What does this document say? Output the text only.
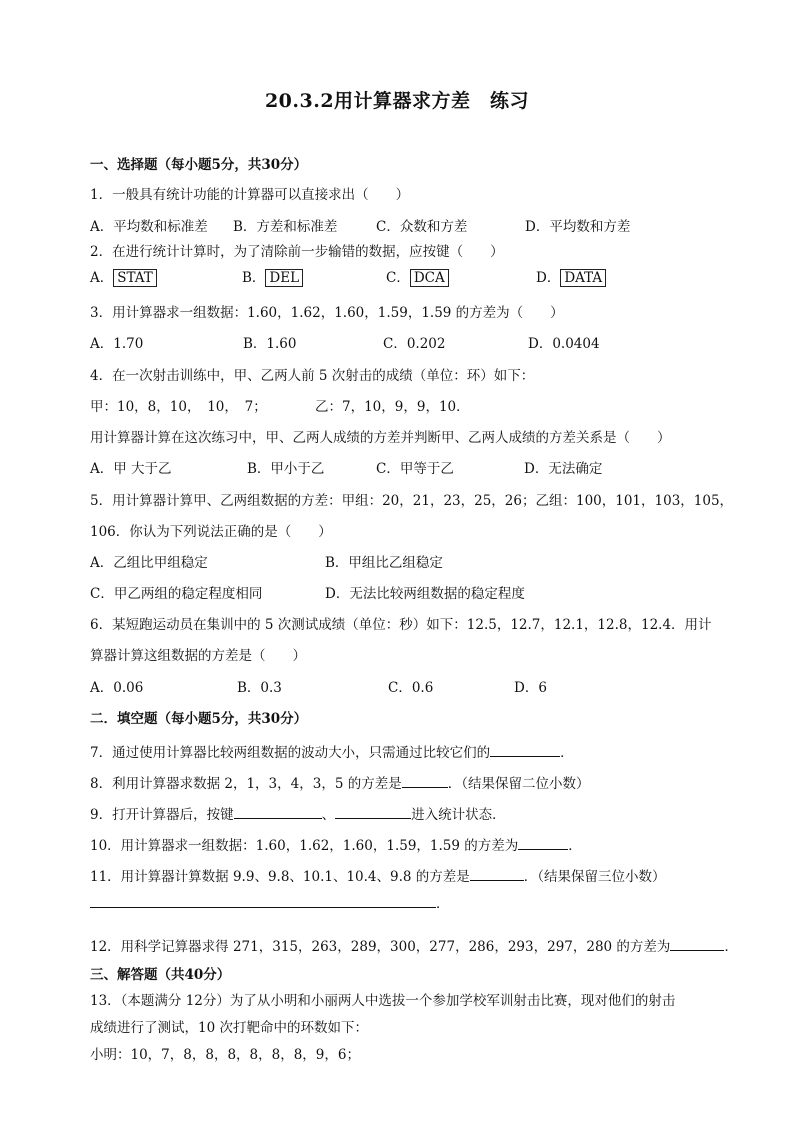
20.3.2用计算器求方差　练习
一、选择题（每小题5分，共30分）
1．一般具有统计功能的计算器可以直接求出（　　）
A．平均数和标准差 B．方差和标准差	C．众数和方差	D．平均数和方差
2．在进行统计计算时，为了清除前一步输错的数据，应按键（　　）
A． STAT	B． DEL	C．DCA	D． DATA
3．用计算器求一组数据：1.60，1.62，1.60，1.59，1.59 的方差为（　　）
A．1.70	B．1.60	C．0.202	D．0.0404
4．在一次射击训练中，甲、乙两人前 5 次射击的成绩（单位：环）如下：
甲：10，8，10，　10，　7；	乙：7，10，9，9，10．
用计算器计算在这次练习中，甲、乙两人成绩的方差并判断甲、乙两人成绩的方差关系是（　　）
A．甲 大于乙	B．甲小于乙	C．甲等于乙	D．无法确定
5．用计算器计算甲、乙两组数据的方差：甲组：20，21，23，25，26；乙组：100，101，103，105，
106．你认为下列说法正确的是（　　）
A．乙组比甲组稳定	B．甲组比乙组稳定
C．甲乙两组的稳定程度相同	D．无法比较两组数据的稳定程度
6．某短跑运动员在集训中的 5 次测试成绩（单位：秒）如下：12.5，12.7，12.1，12.8，12.4．用计
算器计算这组数据的方差是（　　）
A．0.06	B．0.3	C．0.6	D．6
二．填空题（每小题5分，共30分）
7．通过使用计算器比较两组数据的波动大小，只需通过比较它们的	．
8．利用计算器求数据 2，1，3，4，3，5 的方差是	．（结果保留二位小数）
9．打开计算器后，按键	、	进入统计状态．
10．用计算器求一组数据：1.60，1.62，1.60，1.59，1.59 的方差为	．
11．用计算器计算数据 9.9、9.8、10.1、10.4、9.8 的方差是	．（结果保留三位小数）
．
12．用科学记算器求得 271，315，263，289，300，277，286，293，297，280 的方差为	．
三、解答题（共40分）
13．（本题满分 12分）为了从小明和小丽两人中选拔一个参加学校军训射击比赛，现对他们的射击
成绩进行了测试，10 次打靶命中的环数如下：
小明：10，7，8，8，8，8，8，8，9，6；
